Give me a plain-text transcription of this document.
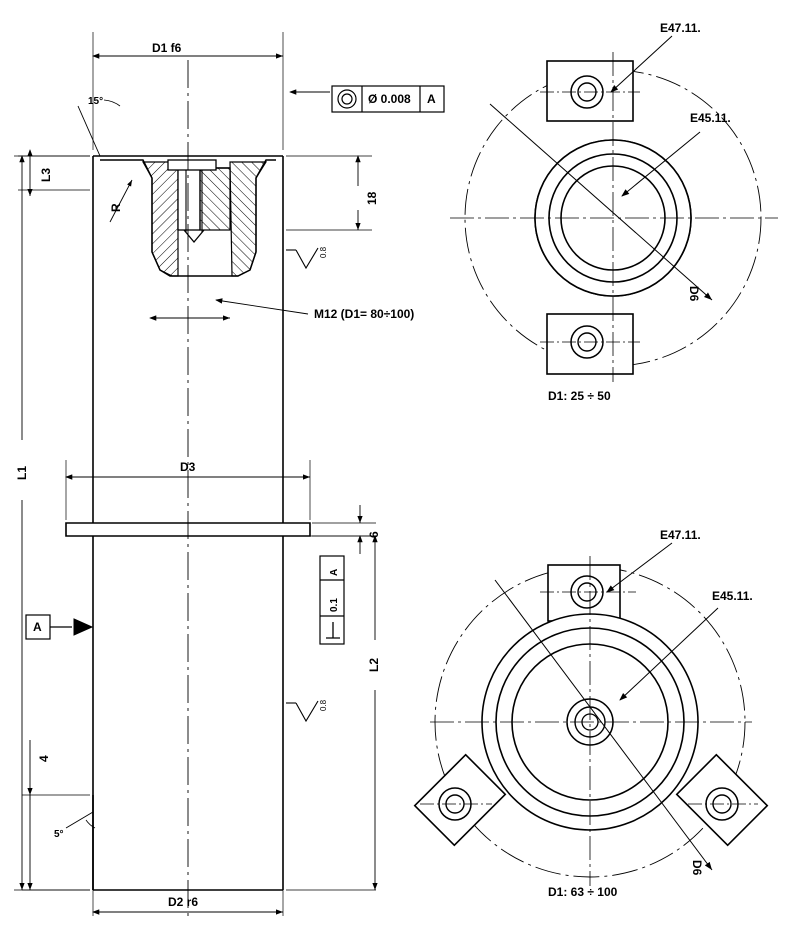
D1 f6
D3
D2 r6
L1
L2
L3
18
6
4
15°
5°
R
M12 (D1= 80÷100)
0.8
0.8
A
Ø 0.008 A
0.1
A
E47.11.
E45.11.
D6
D1: 25 ÷ 50
E47.11.
E45.11.
D6
D1: 63 ÷ 100
